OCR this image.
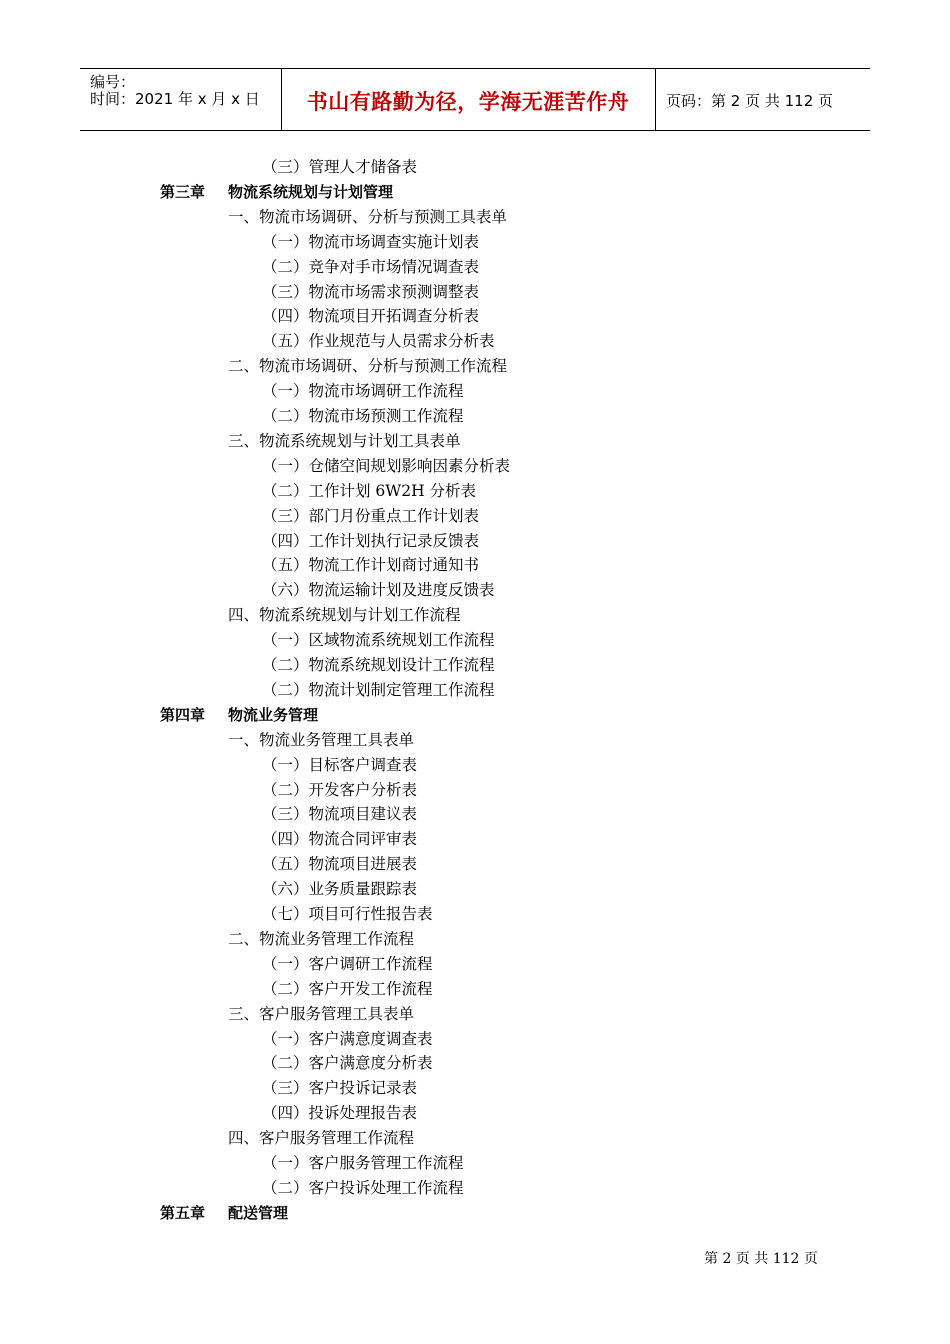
编号：
时间：2021 年 x 月 x 日	书山有路勤为径，学海无涯苦作舟	页码：第 2 页 共 112 页
（三）管理人才储备表
第三章 物流系统规划与计划管理
一、物流市场调研、分析与预测工具表单
（一）物流市场调查实施计划表
（二）竞争对手市场情况调查表
（三）物流市场需求预测调整表
（四）物流项目开拓调查分析表
（五）作业规范与人员需求分析表
二、物流市场调研、分析与预测工作流程
（一）物流市场调研工作流程
（二）物流市场预测工作流程
三、物流系统规划与计划工具表单
（一）仓储空间规划影响因素分析表
（二）工作计划 6W2H 分析表
（三）部门月份重点工作计划表
（四）工作计划执行记录反馈表
（五）物流工作计划商讨通知书
（六）物流运输计划及进度反馈表
四、物流系统规划与计划工作流程
（一）区域物流系统规划工作流程
（二）物流系统规划设计工作流程
（二）物流计划制定管理工作流程
第四章 物流业务管理
一、物流业务管理工具表单
（一）目标客户调查表
（二）开发客户分析表
（三）物流项目建议表
（四）物流合同评审表
（五）物流项目进展表
（六）业务质量跟踪表
（七）项目可行性报告表
二、物流业务管理工作流程
（一）客户调研工作流程
（二）客户开发工作流程
三、客户服务管理工具表单
（一）客户满意度调查表
（二）客户满意度分析表
（三）客户投诉记录表
（四）投诉处理报告表
四、客户服务管理工作流程
（一）客户服务管理工作流程
（二）客户投诉处理工作流程
第五章 配送管理
第 2 页 共 112 页
